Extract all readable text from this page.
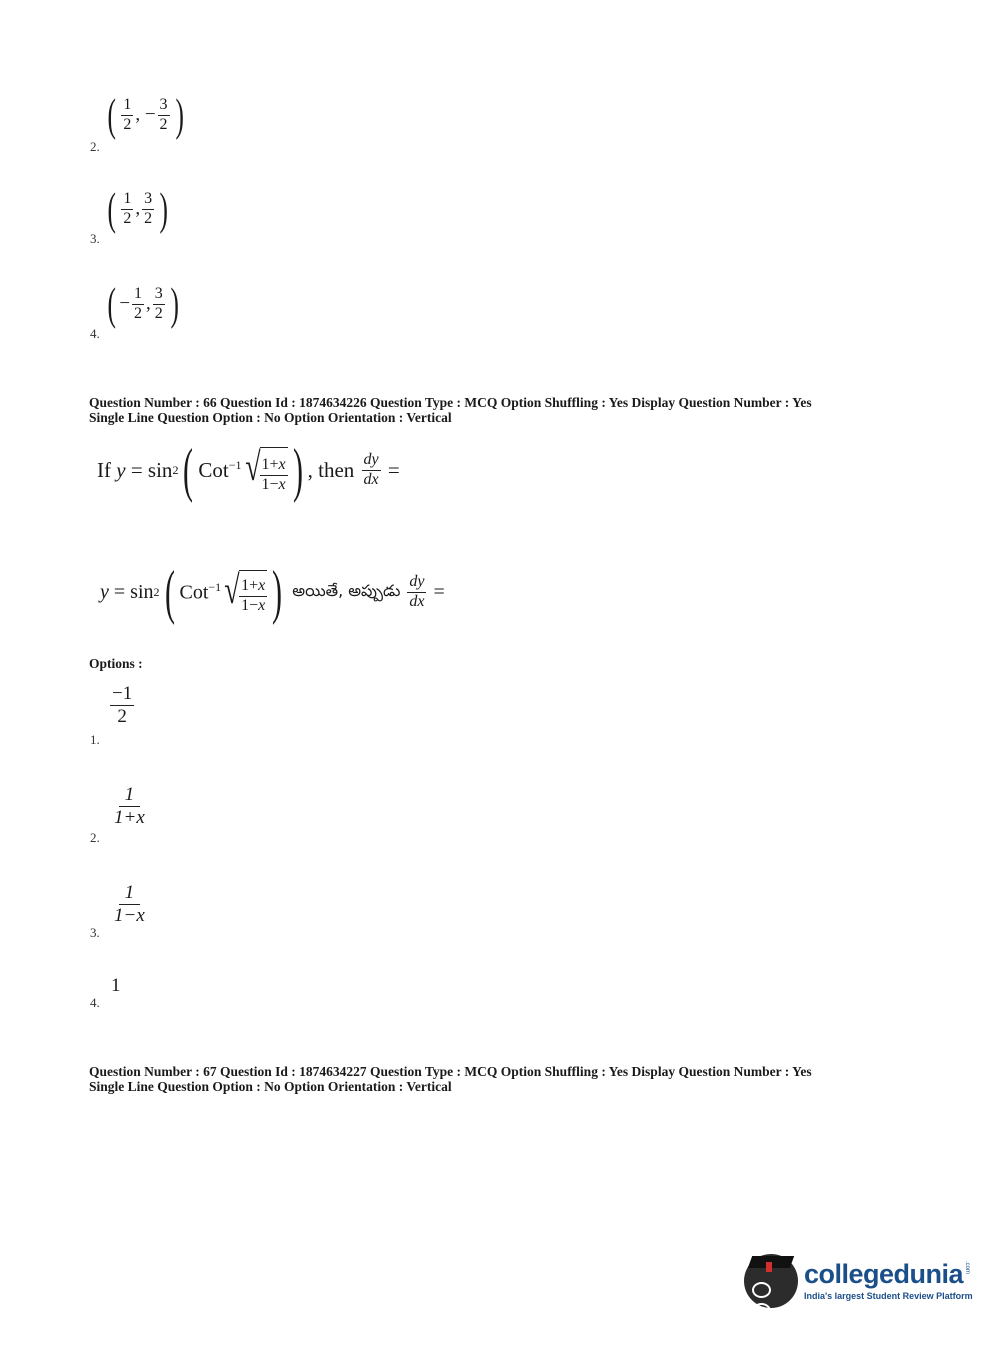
2.
( $\frac{1}{2}$ , − $\frac{3}{2}$ )
3.
( $\frac{1}{2}$ , $\frac{3}{2}$ )
4.
( − $\frac{1}{2}$ , $\frac{3}{2}$ )
Question Number : 66 Question Id : 1874634226 Question Type : MCQ Option Shuffling : Yes Display Question Number : Yes
Single Line Question Option : No Option Orientation : Vertical
If
y = sin 2 ( Cot$^{-1}$ √ $\frac{1+x}{1-x}$ ) , then
$\frac{dy}{dx}$ =
y = sin 2 ( Cot$^{-1}$ √ $\frac{1+x}{1-x}$ )
అయితే, అప్పుడు
$\frac{dy}{dx}$ =
Options :
1.
$\frac{-1}{2}$
2.
$\frac{1}{1+x}$
3.
$\frac{1}{1-x}$
4.
1
Question Number : 67 Question Id : 1874634227 Question Type : MCQ Option Shuffling : Yes Display Question Number : Yes
Single Line Question Option : No Option Orientation : Vertical
collegedunia .com
India's largest Student Review Platform
